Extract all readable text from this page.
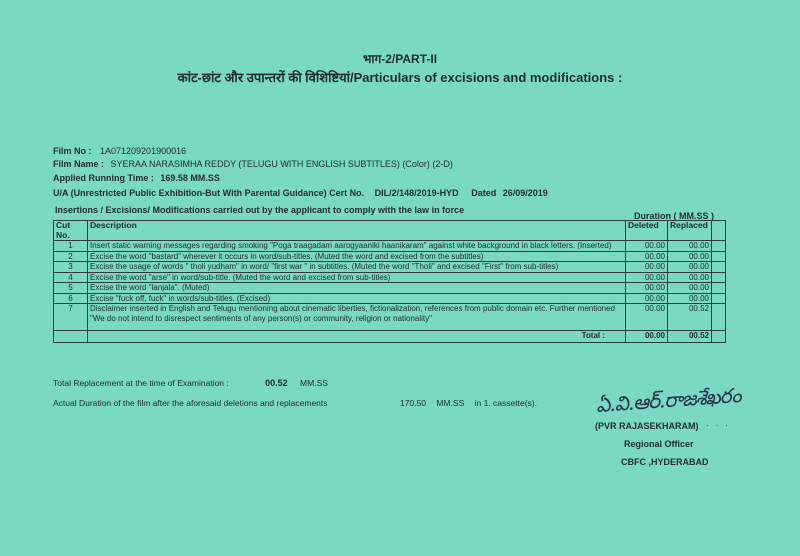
भाग-2/PART-II
कांट-छांट और उपान्तरों की विशिष्टियां/Particulars of excisions and modifications :
Film No : 1A071209201900016
Film Name : SYERAA NARASIMHA REDDY (TELUGU WITH ENGLISH SUBTITLES) (Color) (2-D)
Applied Running Time : 169.58 MM.SS
U/A (Unrestricted Public Exhibition-But With Parental Guidance) Cert No. DIL/2/148/2019-HYD Dated 26/09/2019
Insertions / Excisions/ Modifications carried out by the applicant to comply with the law in force
Duration ( MM.SS )
Cut No.	Description	Deleted	Replaced	
1	Insert static warning messages regarding smoking "Poga traagadam aarogyaaniki haanikaram" against white background in black letters. (Inserted)	00.00	00.00	
2	Excise the word "bastard" wherever it occurs in word/sub-titles. (Muted the word and excised from the subtitles)	00.00	00.00	
3	Excise the usage of words " tholi yudham" in word/ "first war " in subtitles. (Muted the word "Tholi" and excised "First" from sub-titles)	00.00	00.00	
4	Excise the word "arse" in word/sub-title. (Muted the word and excised from sub-titles)	00.00	00.00	
5	Excise the word "lanjala". (Muted)	00.00	00.00	
6	Excise "fuck off, fuck" in words/sub-titles. (Excised)	00.00	00.00	
7	Disclaimer inserted in English and Telugu mentioning about cinematic liberties, fictionalization, references from public domain etc. Further mentioned "We do not intend to disrespect sentiments of any person(s) or community, religion or nationality"	00.00	00.52	
	Total :	00.00	00.52	
Total Replacement at the time of Examination :	00.52 MM.SS
Actual Duration of the film after the aforesaid deletions and replacements	170.50 MM.SS in 1. cassette(s).	ఏ.వి.ఆర్.రాజశేఖరం
(PVR RAJASEKHARAM) . . .
Regional Officer
CBFC ,HYDERABAD
